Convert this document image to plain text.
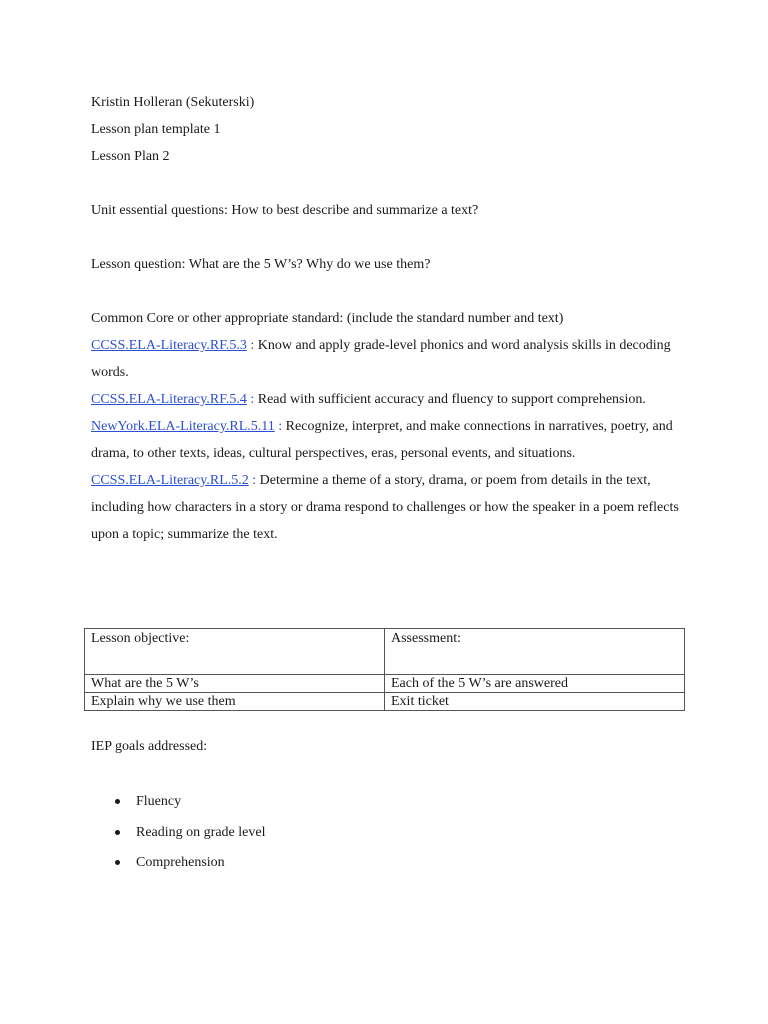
Kristin Holleran (Sekuterski)
Lesson plan template 1
Lesson Plan 2
Unit essential questions: How to best describe and summarize a text?
Lesson question: What are the 5 W’s? Why do we use them?
Common Core or other appropriate standard: (include the standard number and text)
CCSS.ELA-Literacy.RF.5.3 : Know and apply grade-level phonics and word analysis skills in decoding words.
CCSS.ELA-Literacy.RF.5.4 : Read with sufficient accuracy and fluency to support comprehension.
NewYork.ELA-Literacy.RL.5.11 : Recognize, interpret, and make connections in narratives, poetry, and drama, to other texts, ideas, cultural perspectives, eras, personal events, and situations.
CCSS.ELA-Literacy.RL.5.2 : Determine a theme of a story, drama, or poem from details in the text, including how characters in a story or drama respond to challenges or how the speaker in a poem reflects upon a topic; summarize the text.
Lesson objective:	Assessment:
What are the 5 W’s	Each of the 5 W’s are answered
Explain why we use them	Exit ticket
IEP goals addressed:
Fluency
Reading on grade level
Comprehension
